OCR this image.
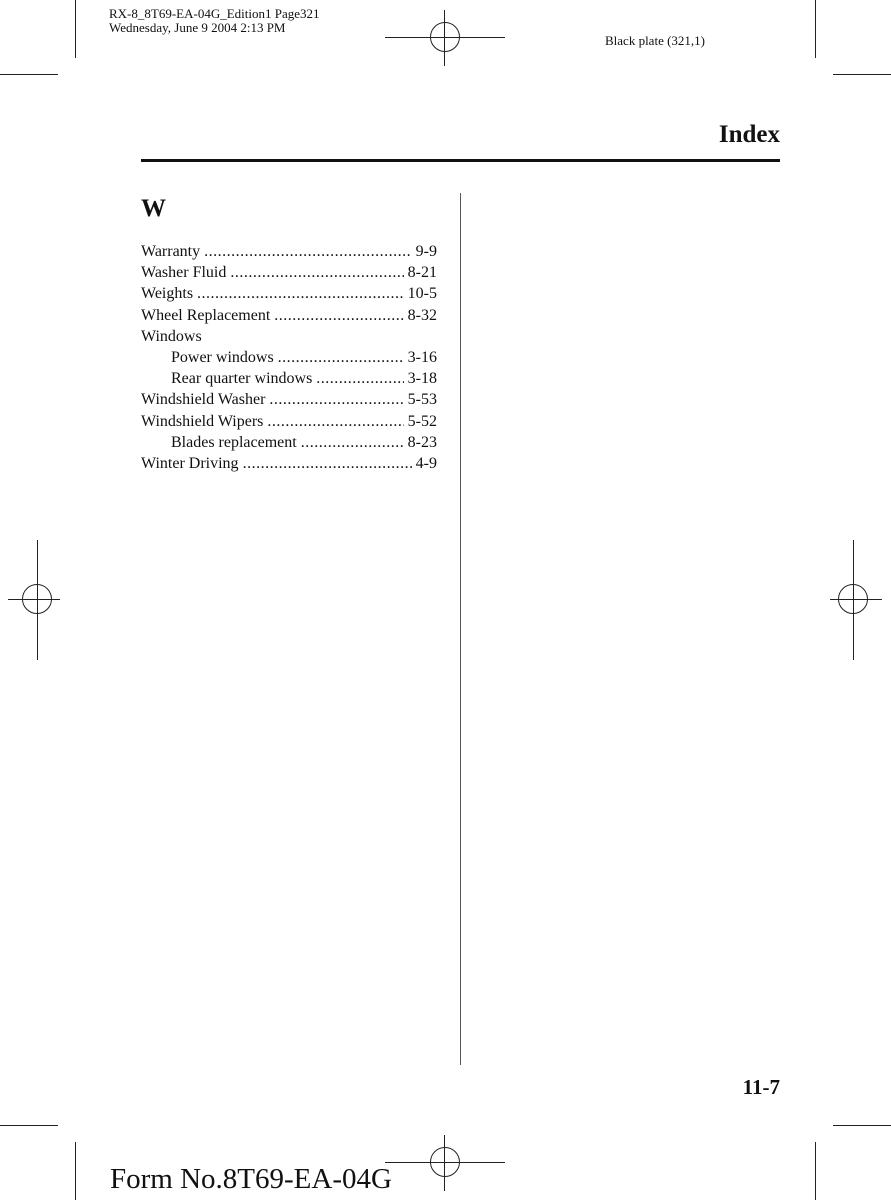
RX-8_8T69-EA-04G_Edition1 Page321
Wednesday, June 9 2004 2:13 PM
Black plate (321,1)
Index
W
Warranty .....	9-9
Washer Fluid .....	8-21
Weights .....	10-5
Wheel Replacement .....	8-32
Windows
Power windows .....	3-16
Rear quarter windows .....	3-18
Windshield Washer .....	5-53
Windshield Wipers .....	5-52
Blades replacement .....	8-23
Winter Driving .....	4-9
11-7
Form No.8T69-EA-04G
